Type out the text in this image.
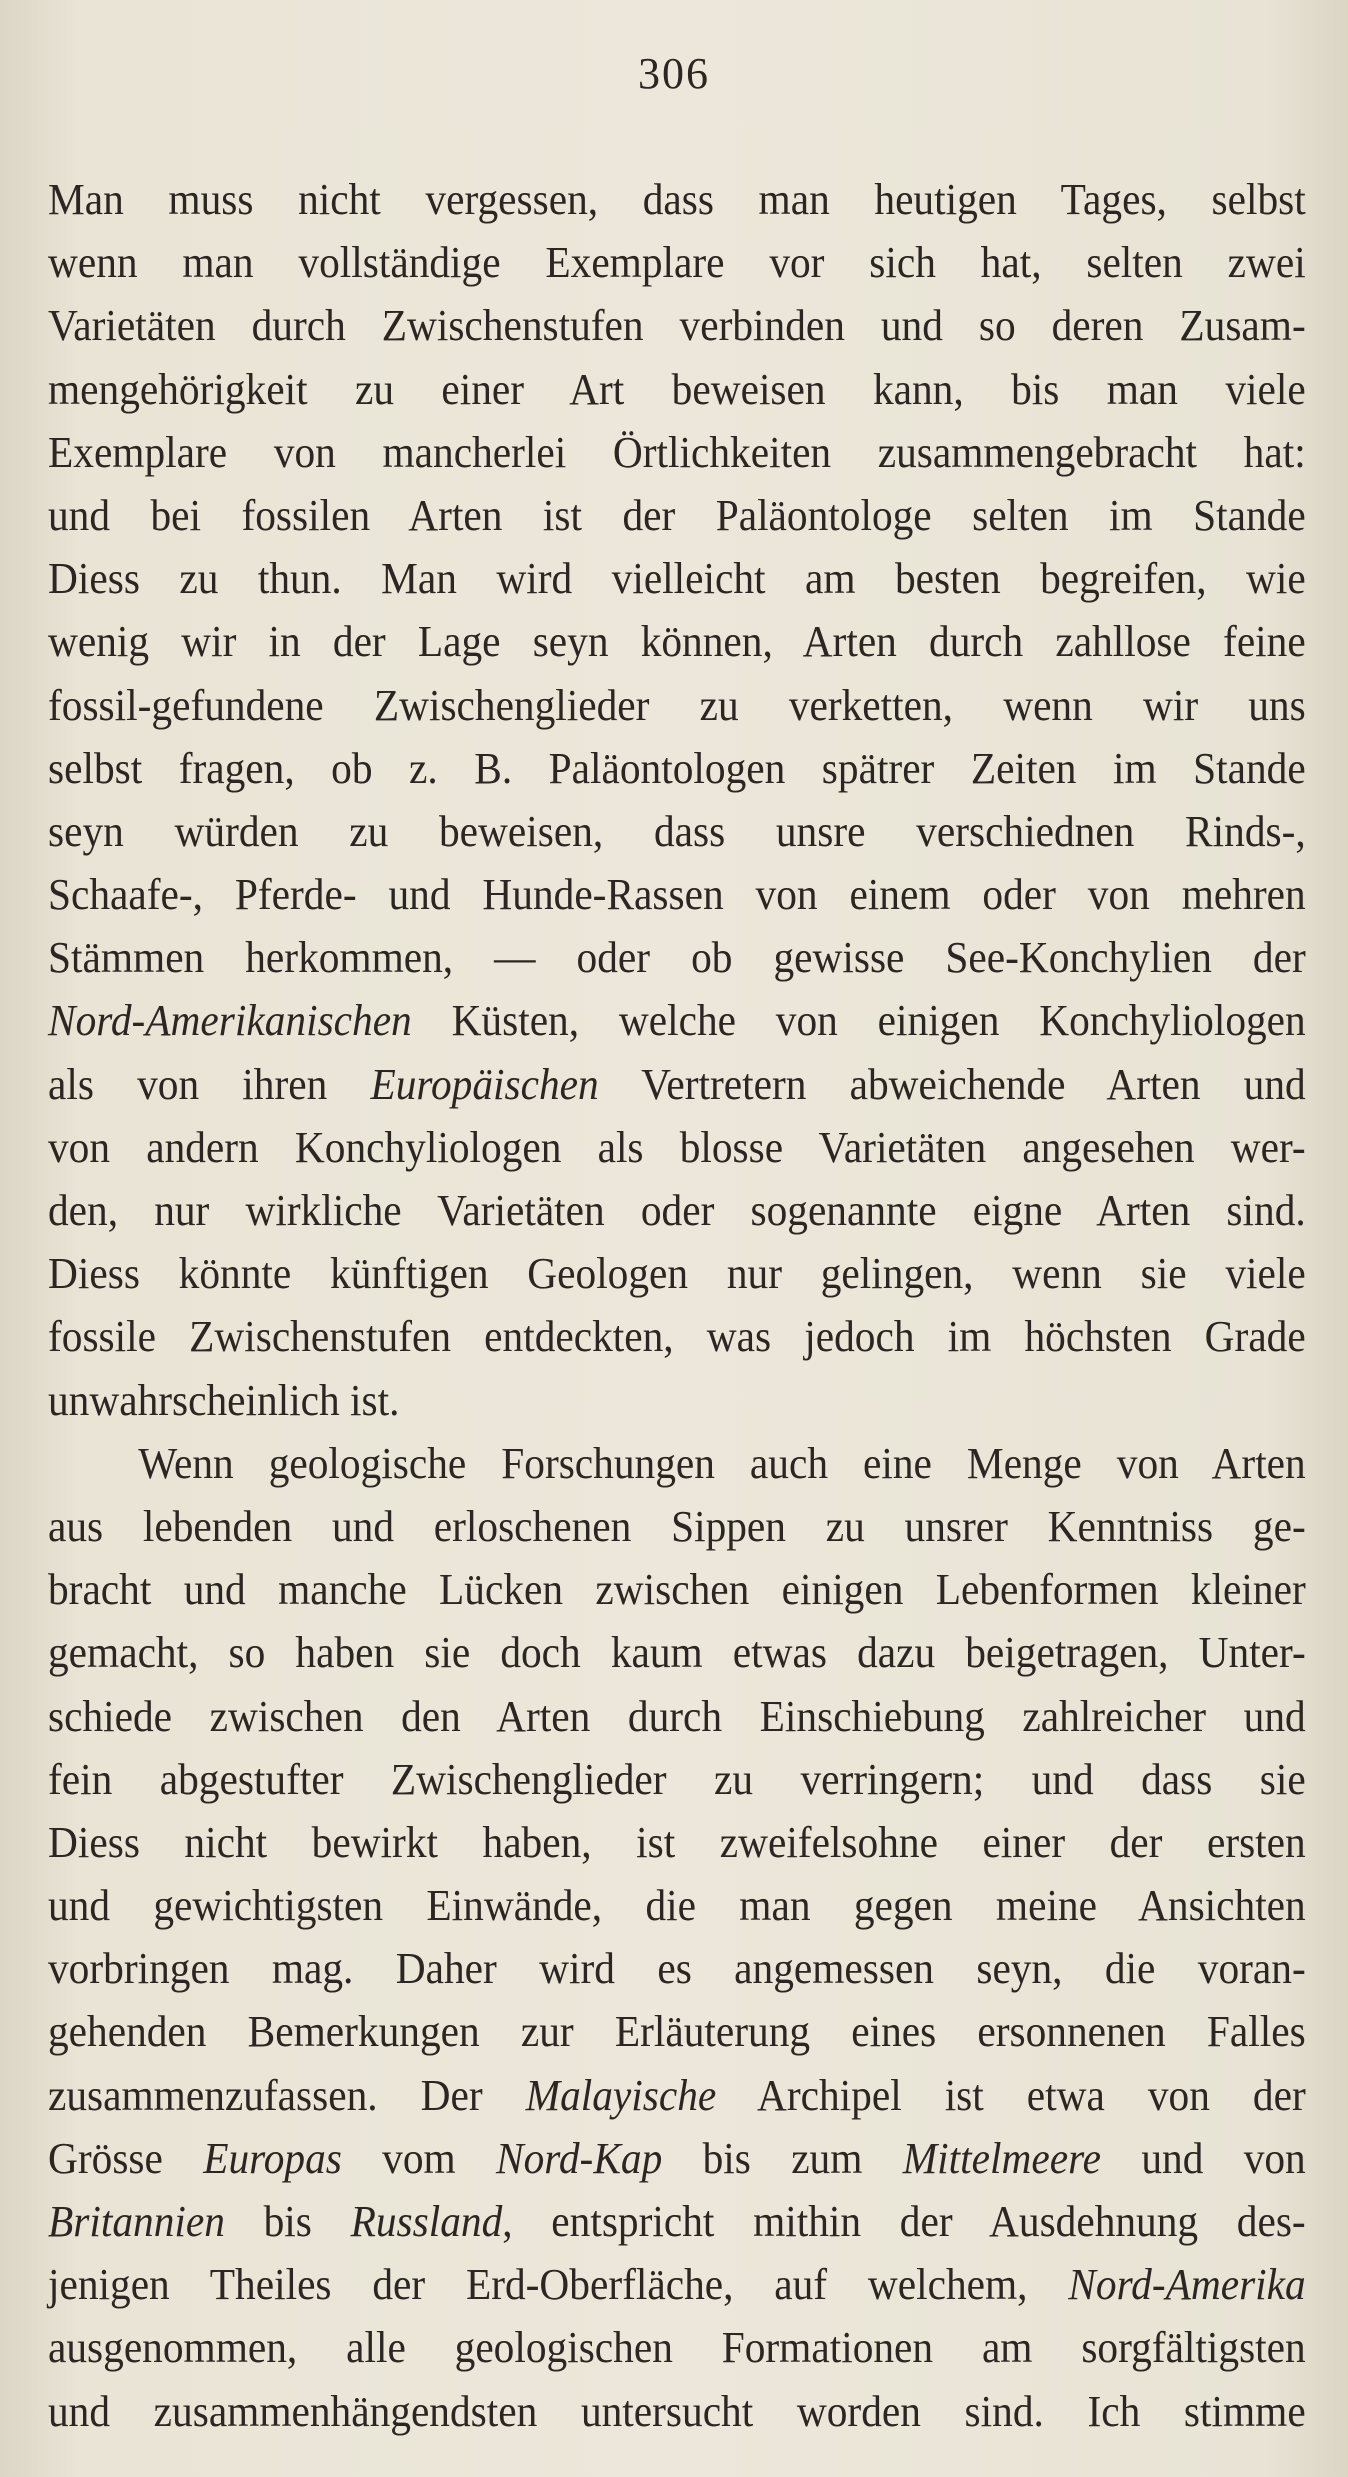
306
Man muss nicht vergessen, dass man heutigen Tages, selbst
wenn man vollständige Exemplare vor sich hat, selten zwei
Varietäten durch Zwischenstufen verbinden und so deren Zusam-
mengehörigkeit zu einer Art beweisen kann, bis man viele
Exemplare von mancherlei Örtlichkeiten zusammengebracht hat:
und bei fossilen Arten ist der Paläontologe selten im Stande
Diess zu thun. Man wird vielleicht am besten begreifen, wie
wenig wir in der Lage seyn können, Arten durch zahllose feine
fossil-gefundene Zwischenglieder zu verketten, wenn wir uns
selbst fragen, ob z. B. Paläontologen spätrer Zeiten im Stande
seyn würden zu beweisen, dass unsre verschiednen Rinds-,
Schaafe-, Pferde- und Hunde-Rassen von einem oder von mehren
Stämmen herkommen, — oder ob gewisse See-Konchylien der
Nord-Amerikanischen Küsten, welche von einigen Konchyliologen
als von ihren Europäischen Vertretern abweichende Arten und
von andern Konchyliologen als blosse Varietäten angesehen wer-
den, nur wirkliche Varietäten oder sogenannte eigne Arten sind.
Diess könnte künftigen Geologen nur gelingen, wenn sie viele
fossile Zwischenstufen entdeckten, was jedoch im höchsten Grade
unwahrscheinlich ist.
Wenn geologische Forschungen auch eine Menge von Arten
aus lebenden und erloschenen Sippen zu unsrer Kenntniss ge-
bracht und manche Lücken zwischen einigen Lebenformen kleiner
gemacht, so haben sie doch kaum etwas dazu beigetragen, Unter-
schiede zwischen den Arten durch Einschiebung zahlreicher und
fein abgestufter Zwischenglieder zu verringern; und dass sie
Diess nicht bewirkt haben, ist zweifelsohne einer der ersten
und gewichtigsten Einwände, die man gegen meine Ansichten
vorbringen mag. Daher wird es angemessen seyn, die voran-
gehenden Bemerkungen zur Erläuterung eines ersonnenen Falles
zusammenzufassen. Der Malayische Archipel ist etwa von der
Grösse Europas vom Nord-Kap bis zum Mittelmeere und von
Britannien bis Russland, entspricht mithin der Ausdehnung des-
jenigen Theiles der Erd-Oberfläche, auf welchem, Nord-Amerika
ausgenommen, alle geologischen Formationen am sorgfältigsten
und zusammenhängendsten untersucht worden sind. Ich stimme
